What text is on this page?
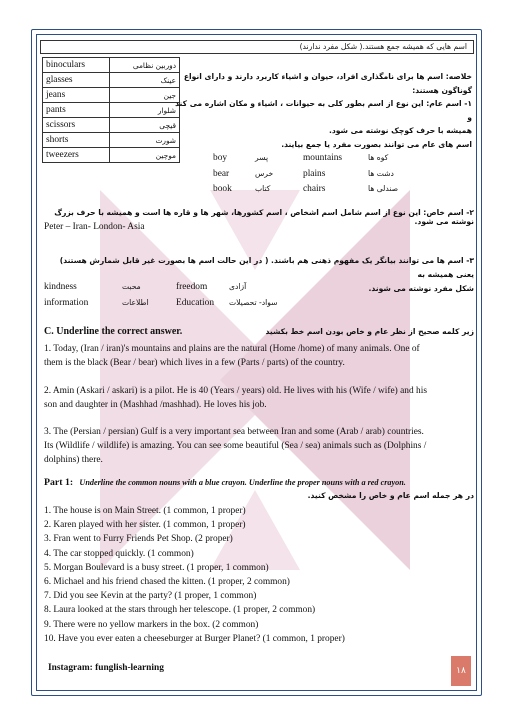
اسم هایی که همیشه جمع هستند.( شکل مفرد ندارند)
binoculars	دوربین نظامی
glasses	عینک
jeans	جین
pants	شلوار
scissors	قیچی
shorts	شورت
tweezers	موچین
خلاصه: اسم ها برای نامگذاری افراد، حیوان و اشیاء کاربرد دارند و دارای انواع
گوناگون هستند:
۱- اسم عام: این نوع از اسم بطور کلی به حیوانات ، اشیاء و مکان اشاره می کند و
همیشه با حرف کوچک نوشته می شود.
اسم های عام می توانند بصورت مفرد یا جمع بیایند.
boy	پسر	mountains	کوه ها
bear	خرس	plains	دشت ها
book	کتاب	chairs	صندلی ها
۲- اسم خاص: این نوع از اسم شامل اسم اشخاص ، اسم کشورها، شهر ها و قاره ها است و همیشه با حرف بزرگ نوشته می شود.
Peter – Iran- London- Asia
۳- اسم ها می توانند بیانگر یک مفهوم ذهنی هم باشند. ( در این حالت اسم ها بصورت غیر قابل شمارش هستند) یعنی همیشه به
شکل مفرد نوشته می شوند.
kindness	محبت	freedom	آزادی
information	اطلاعات	Education سواد- تحصیلات
C. Underline the correct answer.	زیر کلمه صحیح از نظر عام و خاص بودن اسم خط بکشید
1. Today, (Iran / iran)'s mountains and plains are the natural (Home /home) of many animals. One of
them is the black (Bear / bear) which lives in a few (Parts / parts) of the country.
2. Amin (Askari / askari) is a pilot. He is 40 (Years / years) old. He lives with his (Wife / wife) and his
son and daughter in (Mashhad /mashhad). He loves his job.
3. The (Persian / persian) Gulf is a very important sea between Iran and some (Arab / arab) countries.
Its (Wildlife / wildlife) is amazing. You can see some beautiful (Sea / sea) animals such as (Dolphins /
dolphins) there.
Part 1: Underline the common nouns with a blue crayon. Underline the proper nouns with a red crayon.
در هر جمله اسم عام و خاص را مشخص کنید.
1. The house is on Main Street. (1 common, 1 proper)
2. Karen played with her sister. (1 common, 1 proper)
3. Fran went to Furry Friends Pet Shop. (2 proper)
4. The car stopped quickly. (1 common)
5. Morgan Boulevard is a busy street. (1 proper, 1 common)
6. Michael and his friend chased the kitten. (1 proper, 2 common)
7. Did you see Kevin at the party? (1 proper, 1 common)
8. Laura looked at the stars through her telescope. (1 proper, 2 common)
9. There were no yellow markers in the box. (2 common)
10. Have you ever eaten a cheeseburger at Burger Planet? (1 common, 1 proper)
Instagram: funglish-learning	۱۸
